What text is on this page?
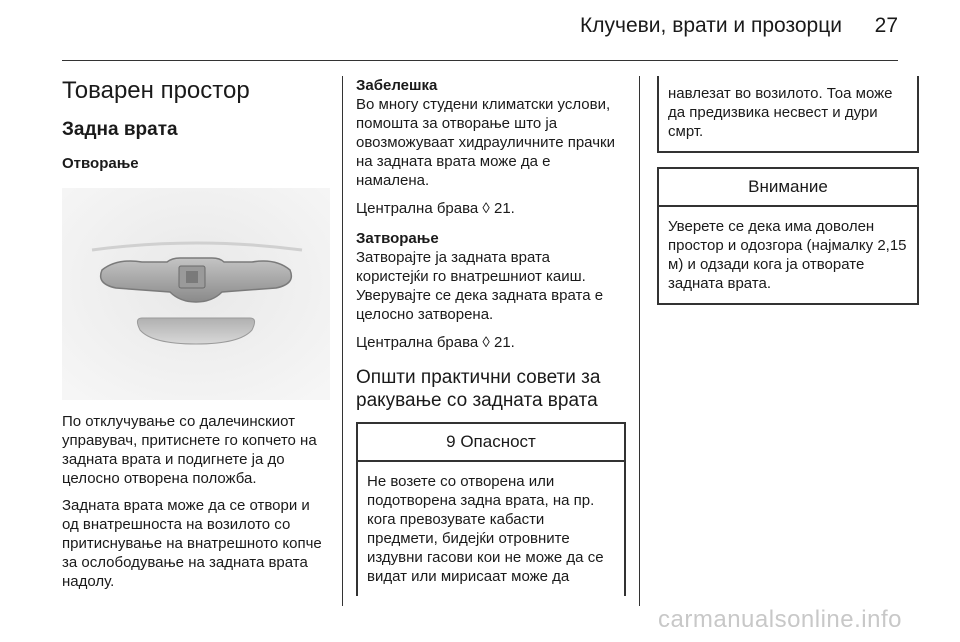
Клучеви, врати и прозорци 27
Товарен простор
Задна врата
Отворање

По отклучувањe со далечинскиот управувач, притиснете го копчето на задната врата и подигнете ја до целосно отворена положба.

Задната врата може да се отвори и од внатрешноста на возилото со притиснување на внатрешното копче за ослободување на задната врата надолу.

Забелешка

Во многу студени климатски услови, помошта за отворање што ја овозможуваат хидрауличните прачки на задната врата може да е намалена.

Централна брава ◊ 21.

Затворање

Затворајте ја задната врата користејќи го внатрешниот каиш. Уверувајте се дека задната врата е целосно затворена.

Централна брава ◊ 21.

Општи практични совети за ракување со задната врата

9 Опасност
Не возете со отворена или подотворена задна врата, на пр. кога превозувате кабасти предмети, бидејќи отровните издувни гасови кои не може да се видат или мирисаат може да
навлезат во возилото. Тоа може да предизвика несвест и дури смрт.
Внимание
Уверете се дека има доволен простор и одозгора (најмалку 2,15 м) и одзади кога ја отворате задната врата.
carmanualsonline.info
